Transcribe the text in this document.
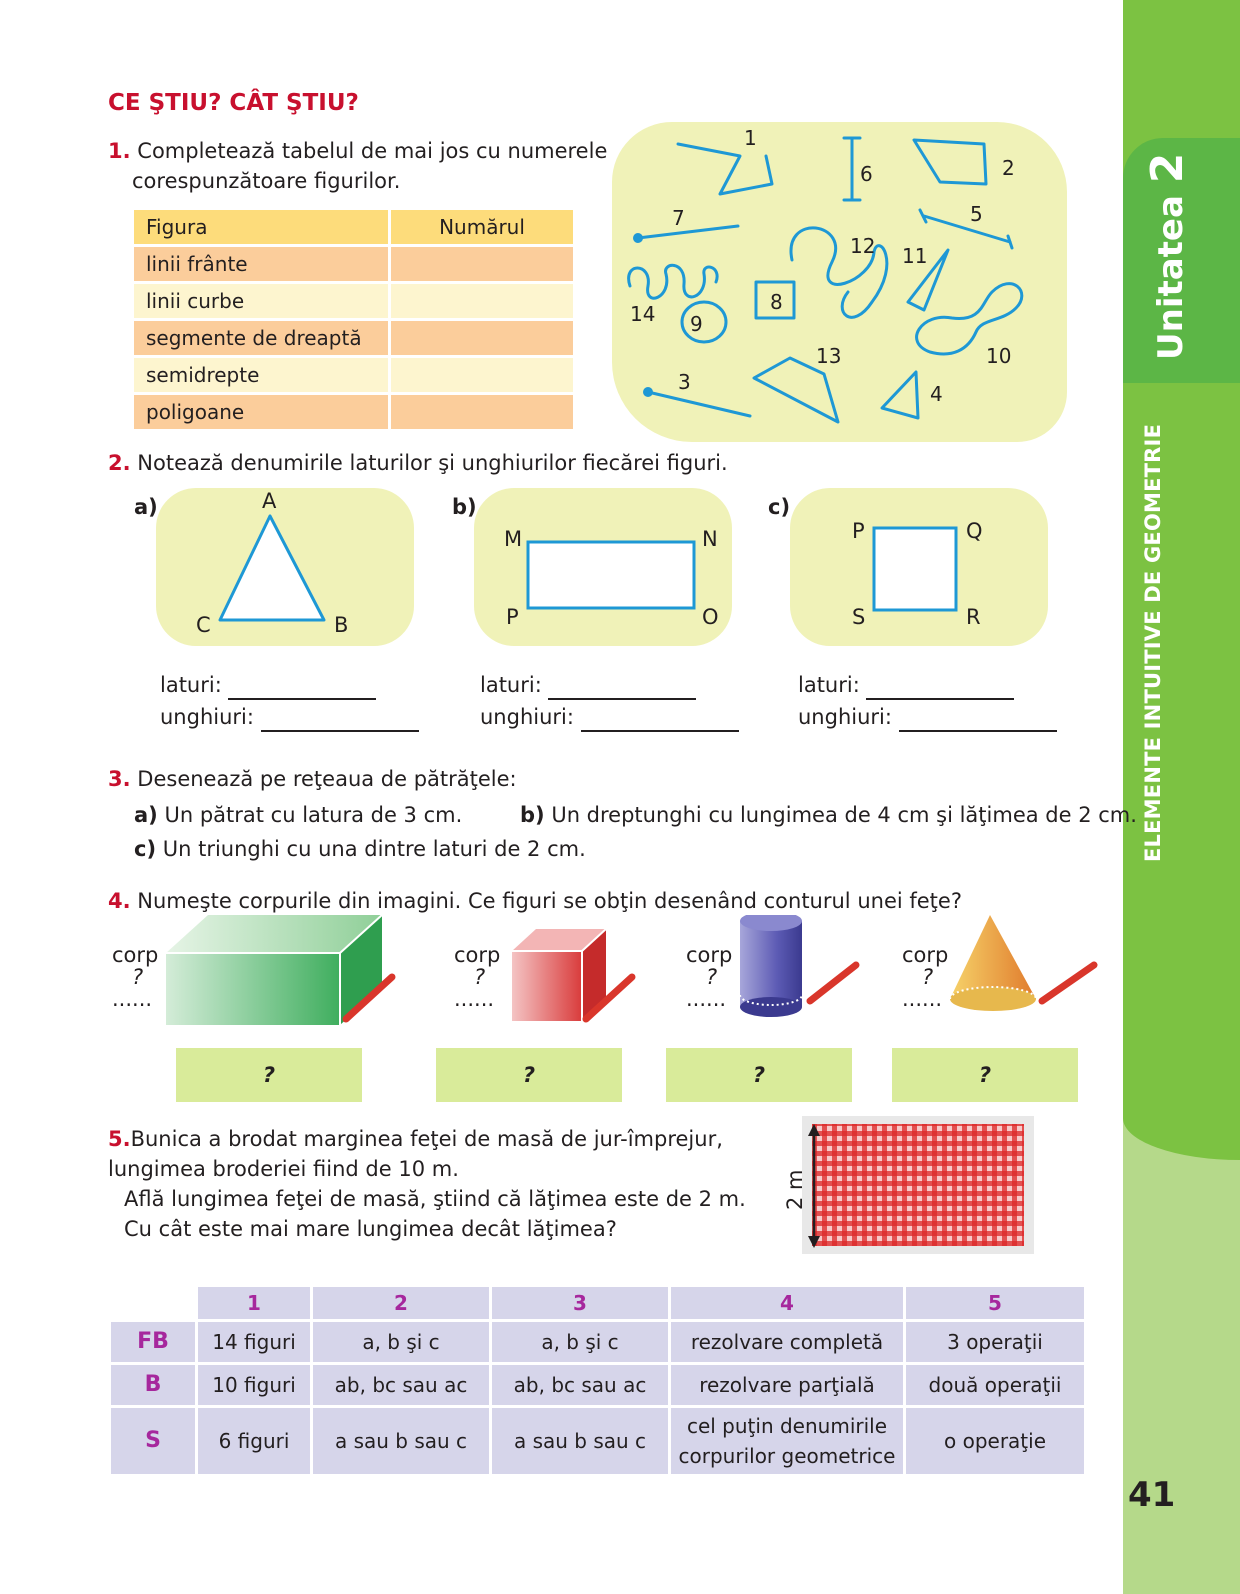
Unitatea 2
ELEMENTE INTUITIVE DE GEOMETRIE
41
CE ŞTIU? CÂT ŞTIU?
1. Completează tabelul de mai jos cu numerele
corespunzătoare figurilor.
Figura	Numărul
linii frânte	
linii curbe	
segmente de dreaptă	
semidrepte	
poligoane	
1
2
3	4
5
6
7
8
9
10
11
12
13
14
2. Notează denumirile laturilor şi unghiurilor fiecărei figuri.
a)	A
C	B
b)
M	N
P	O
c)
P	Q
S	R
laturi:
unghiuri:
laturi:
unghiuri:
laturi:
unghiuri:
3. Desenează pe reţeaua de pătrăţele:
a) Un pătrat cu latura de 3 cm.	b) Un dreptunghi cu lungimea de 4 cm şi lăţimea de 2 cm.
c) Un triunghi cu una dintre laturi de 2 cm.
4. Numeşte corpurile din imagini. Ce figuri se obţin desenând conturul unei feţe?
corp
?
......
corp
?
......
corp
?
......
corp
?
......
?	?	?	?
5.Bunica a brodat marginea feţei de masă de jur-împrejur,
lungimea broderiei fiind de 10 m.
Află lungimea feţei de masă, ştiind că lăţimea este de 2 m.
Cu cât este mai mare lungimea decât lăţimea?
2 m
	1	2	3	4	5
FB	14 figuri	a, b şi c	a, b şi c	rezolvare completă	3 operaţii
B	10 figuri	ab, bc sau ac	ab, bc sau ac	rezolvare parţială	două operaţii
S	6 figuri	a sau b sau c	a sau b sau c	cel puţin denumirile
corpurilor geometrice	o operaţie
